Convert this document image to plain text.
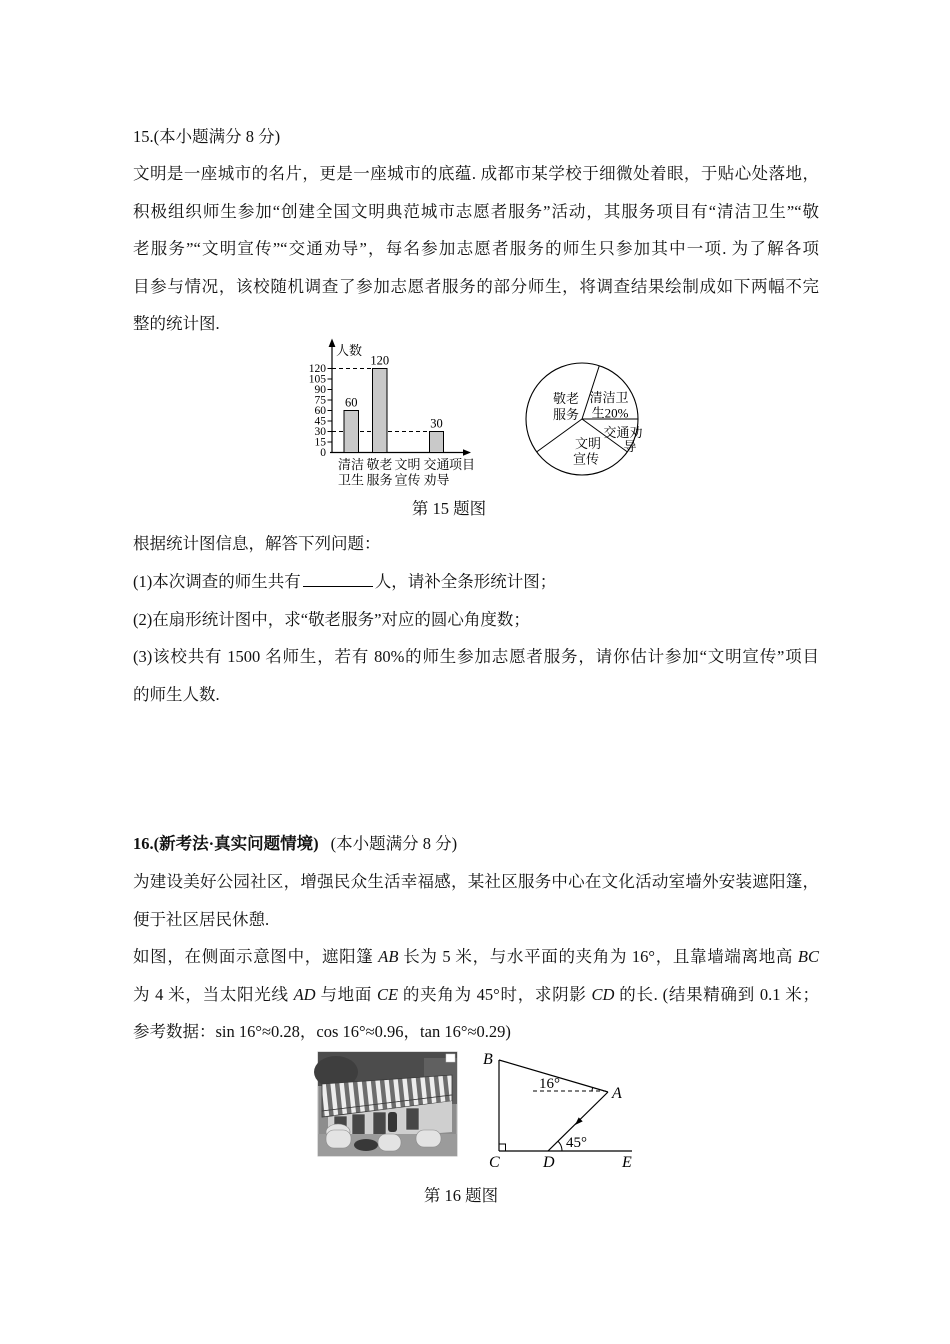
15.(本小题满分 8 分)
文明是一座城市的名片，更是一座城市的底蕴. 成都市某学校于细微处着眼，于贴心处落地，
积极组织师生参加“创建全国文明典范城市志愿者服务”活动，其服务项目有“清洁卫生”“敬
老服务”“文明宣传”“交通劝导”，每名参加志愿者服务的师生只参加其中一项. 为了解各项
目参与情况，该校随机调查了参加志愿者服务的部分师生，将调查结果绘制成如下两幅不完
整的统计图.
人数
0
15
30
45
60
75
90
105
120
60
120
30
清洁 敬老 文明 交通 项目
卫生 服务 宣传 劝导
敬老
服务
清洁卫
生20%
交通劝
导
文明
宣传
第 15 题图
根据统计图信息，解答下列问题：
(1)本次调查的师生共有	人，请补全条形统计图；
(2)在扇形统计图中，求“敬老服务”对应的圆心角度数；
(3)该校共有 1500 名师生，若有 80%的师生参加志愿者服务，请你估计参加“文明宣传”项目
的师生人数.
16.(新考法·真实问题情境) (本小题满分 8 分)
为建设美好公园社区，增强民众生活幸福感，某社区服务中心在文化活动室墙外安装遮阳篷，
便于社区居民休憩.
如图，在侧面示意图中，遮阳篷 AB 长为 5 米，与水平面的夹角为 16°，且靠墙端离地高 BC
为 4 米，当太阳光线 AD 与地面 CE 的夹角为 45°时，求阴影 CD 的长. (结果精确到 0.1 米；
参考数据：sin 16°≈0.28，cos 16°≈0.96，tan 16°≈0.29)
B
A
C	D	E
16°
45°
第 16 题图
